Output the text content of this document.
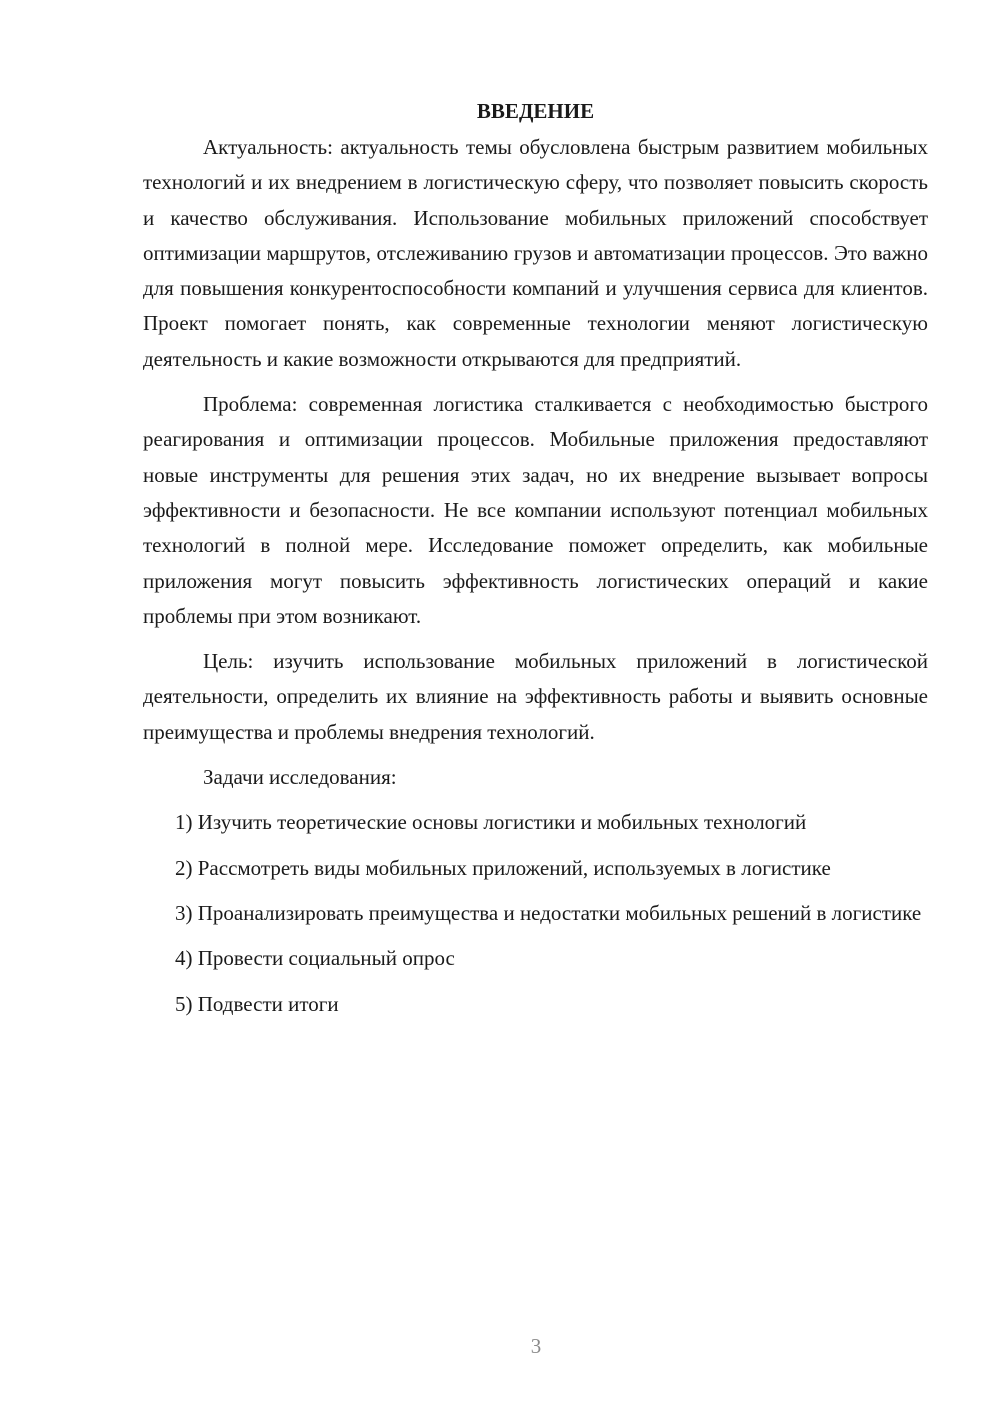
ВВЕДЕНИЕ

Актуальность: актуальность темы обусловлена быстрым развитием мобильных технологий и их внедрением в логистическую сферу, что позволяет повысить скорость и качество обслуживания. Использование мобильных приложений способствует оптимизации маршрутов, отслеживанию грузов и автоматизации процессов. Это важно для повышения конкурентоспособности компаний и улучшения сервиса для клиентов. Проект помогает понять, как современные технологии меняют логистическую деятельность и какие возможности открываются для предприятий.

Проблема: современная логистика сталкивается с необходимостью быстрого реагирования и оптимизации процессов. Мобильные приложения предоставляют новые инструменты для решения этих задач, но их внедрение вызывает вопросы эффективности и безопасности. Не все компании используют потенциал мобильных технологий в полной мере. Исследование поможет определить, как мобильные приложения могут повысить эффективность логистических операций и какие проблемы при этом возникают.

Цель: изучить использование мобильных приложений в логистической деятельности, определить их влияние на эффективность работы и выявить основные преимущества и проблемы внедрения технологий.

Задачи исследования:

1) Изучить теоретические основы логистики и мобильных технологий

2) Рассмотреть виды мобильных приложений, используемых в логистике

3) Проанализировать преимущества и недостатки мобильных решений в логистике

4) Провести социальный опрос

5) Подвести итоги

3
